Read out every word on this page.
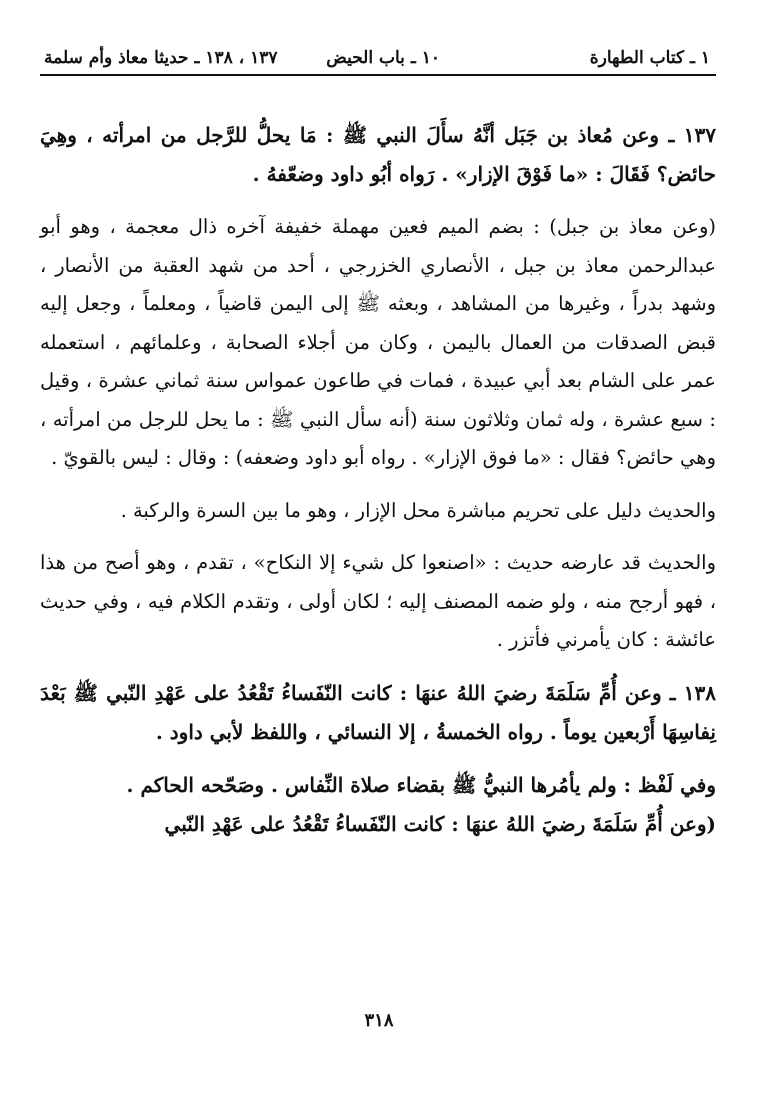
١ ـ كتاب الطهارة
١٠ ـ باب الحيض
١٣٧ ، ١٣٨ ـ حديثا معاذ وأم سلمة

١٣٧ ـ وعن مُعاذ بن جَبَل أنَّهُ سأَلَ النبي ﷺ : مَا يحلُّ للرَّجل من امرأته ، وهِيَ حائض؟ فَقَالَ : «ما فَوْقَ الإزار» . رَواه أبُو داود وضعّفهُ .

(وعن معاذ بن جبل) : بضم الميم فعين مهملة خفيفة آخره ذال معجمة ، وهو أبو عبدالرحمن معاذ بن جبل ، الأنصاري الخزرجي ، أحد من شهد العقبة من الأنصار ، وشهد بدراً ، وغيرها من المشاهد ، وبعثه ﷺ إلى اليمن قاضياً ، ومعلماً ، وجعل إليه قبض الصدقات من العمال باليمن ، وكان من أجلاء الصحابة ، وعلمائهم ، استعمله عمر على الشام بعد أبي عبيدة ، فمات في طاعون عمواس سنة ثماني عشرة ، وقيل : سبع عشرة ، وله ثمان وثلاثون سنة (أنه سأل النبي ﷺ : ما يحل للرجل من امرأته ، وهي حائض؟ فقال : «ما فوق الإزار» . رواه أبو داود وضعفه) : وقال : ليس بالقويّ .

والحديث دليل على تحريم مباشرة محل الإزار ، وهو ما بين السرة والركبة .

والحديث قد عارضه حديث : «اصنعوا كل شيء إلا النكاح» ، تقدم ، وهو أصح من هذا ، فهو أرجح منه ، ولو ضمه المصنف إليه ؛ لكان أولى ، وتقدم الكلام فيه ، وفي حديث عائشة : كان يأمرني فأتزر .

١٣٨ ـ وعن أُمِّ سَلَمَةَ رضيَ اللهُ عنهَا : كانت النّفَساءُ تَقْعُدُ على عَهْدِ النّبي ﷺ بَعْدَ نِفاسِهَا أَرْبعين يوماً . رواه الخمسةُ ، إلا النسائي ، واللفظ لأبي داود .

وفي لَفْظ : ولم يأمُرها النبيُّ ﷺ بقضاء صلاة النِّفاس . وصَحّحه الحاكم .

(وعن أُمِّ سَلَمَةَ رضيَ اللهُ عنهَا : كانت النّفَساءُ تَقْعُدُ على عَهْدِ النّبي

٣١٨
